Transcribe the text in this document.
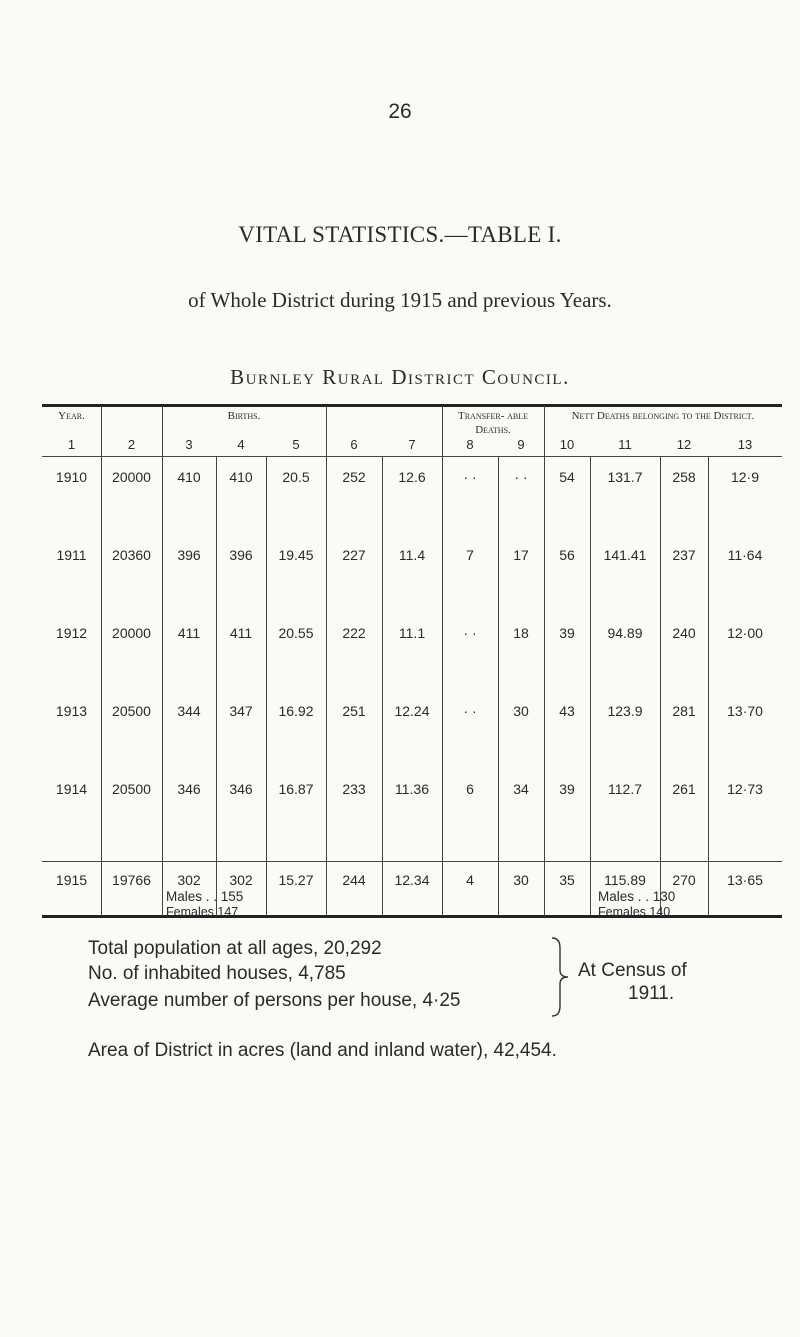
26
VITAL STATISTICS.—TABLE I.
of Whole District during 1915 and previous Years.
Burnley Rural District Council.
1	2	3	4	5	6	7	8	9	10	11	12	13
Year.	Births.	Transfer- able Deaths.
Nett Deaths belonging to the District.
1910	20000	410	410	20.5	252	12.6	· ·	· ·	54	131.7	258	12·9
1911	20360	396	396	19.45	227	11.4	7	17	56	141.41	237	11·64
1912	20000	411	411	20.55	222	11.1	· ·	18	39	94.89	240	12·00
1913	20500	344	347	16.92	251	12.24	· ·	30	43	123.9	281	13·70
1914	20500	346	346	16.87	233	11.36	6	34	39	112.7	261	12·73
1915	19766	302	302	15.27	244	12.34	4	30	35	115.89	270	13·65
Males . . 155
Females 147
Males . . 130
Females 140
Total population at all ages, 20,292
No. of inhabited houses, 4,785
Average number of persons per house, 4·25
At Census of
1911.
Area of District in acres (land and inland water), 42,454.
